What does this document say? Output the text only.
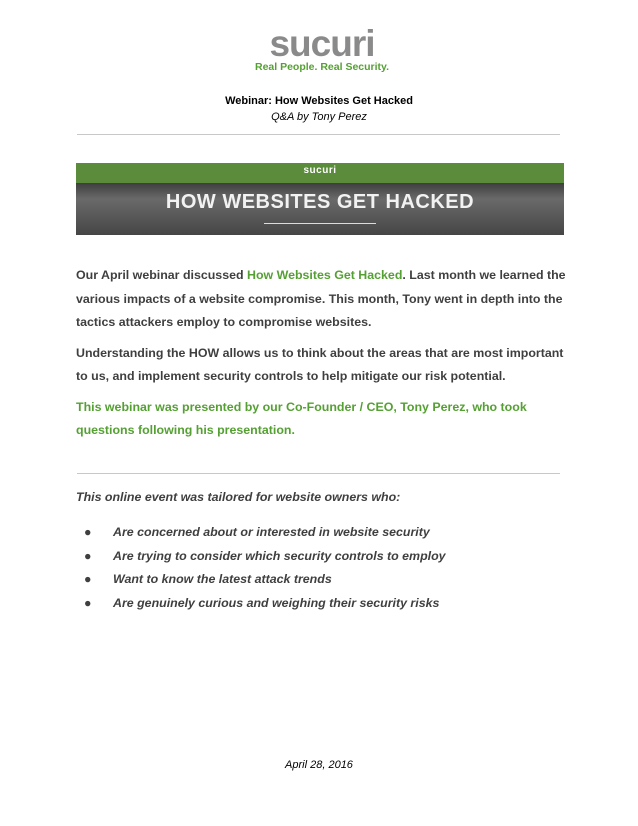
sucuri
Real People. Real Security.
Webinar: How Websites Get Hacked
Q&A by Tony Perez
sucuri
HOW WEBSITES GET HACKED

Our April webinar discussed How Websites Get Hacked. Last month we learned the various impacts of a website compromise. This month, Tony went in depth into the tactics attackers employ to compromise websites.

Understanding the HOW allows us to think about the areas that are most important to us, and implement security controls to help mitigate our risk potential.

This webinar was presented by our Co-Founder / CEO, Tony Perez, who took questions following his presentation.

This online event was tailored for website owners who:
● Are concerned about or interested in website security
● Are trying to consider which security controls to employ
● Want to know the latest attack trends
● Are genuinely curious and weighing their security risks
April 28, 2016
